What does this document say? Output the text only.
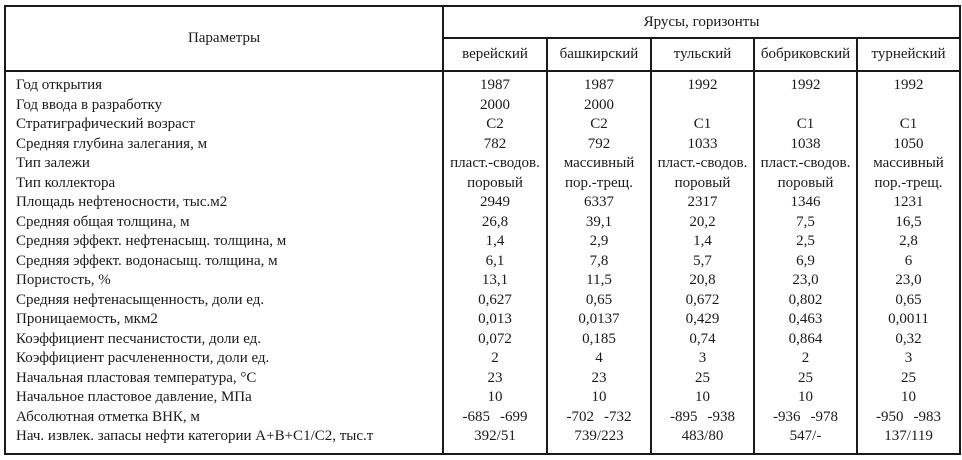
Параметры	Ярусы, горизонты				
	верейский	башкирский	тульский	бобриковский	турнейский
Год открытия	1987	1987	1992	1992	1992
Год ввода в разработку	2000	2000			
Стратиграфический возраст	C2	C2	C1	C1	C1
Средняя глубина залегания, м	782	792	1033	1038	1050
Тип залежи	пласт.-сводов.	массивный	пласт.-сводов.	пласт.-сводов.	массивный
Тип коллектора	поровый	пор.-трещ.	поровый	поровый	пор.-трещ.
Площадь нефтеносности, тыс.м2	2949	6337	2317	1346	1231
Средняя общая толщина, м	26,8	39,1	20,2	7,5	16,5
Средняя эффект. нефтенасыщ. толщина, м	1,4	2,9	1,4	2,5	2,8
Средняя эффект. водонасыщ. толщина, м	6,1	7,8	5,7	6,9	6
Пористость, %	13,1	11,5	20,8	23,0	23,0
Средняя нефтенасыщенность, доли ед.	0,627	0,65	0,672	0,802	0,65
Проницаемость, мкм2	0,013	0,0137	0,429	0,463	0,0011
Коэффициент песчанистости, доли ед.	0,072	0,185	0,74	0,864	0,32
Коэффициент расчлененности, доли ед.	2	4	3	2	3
Начальная пластовая температура, °С	23	23	25	25	25
Начальное пластовое давление, МПа	10	10	10	10	10
Абсолютная отметка ВНК, м	-685 -699	-702 -732	-895 -938	-936 -978	-950 -983
Нач. извлек. запасы нефти категории А+В+С1/С2, тыс.т	392/51	739/223	483/80	547/-	137/119
